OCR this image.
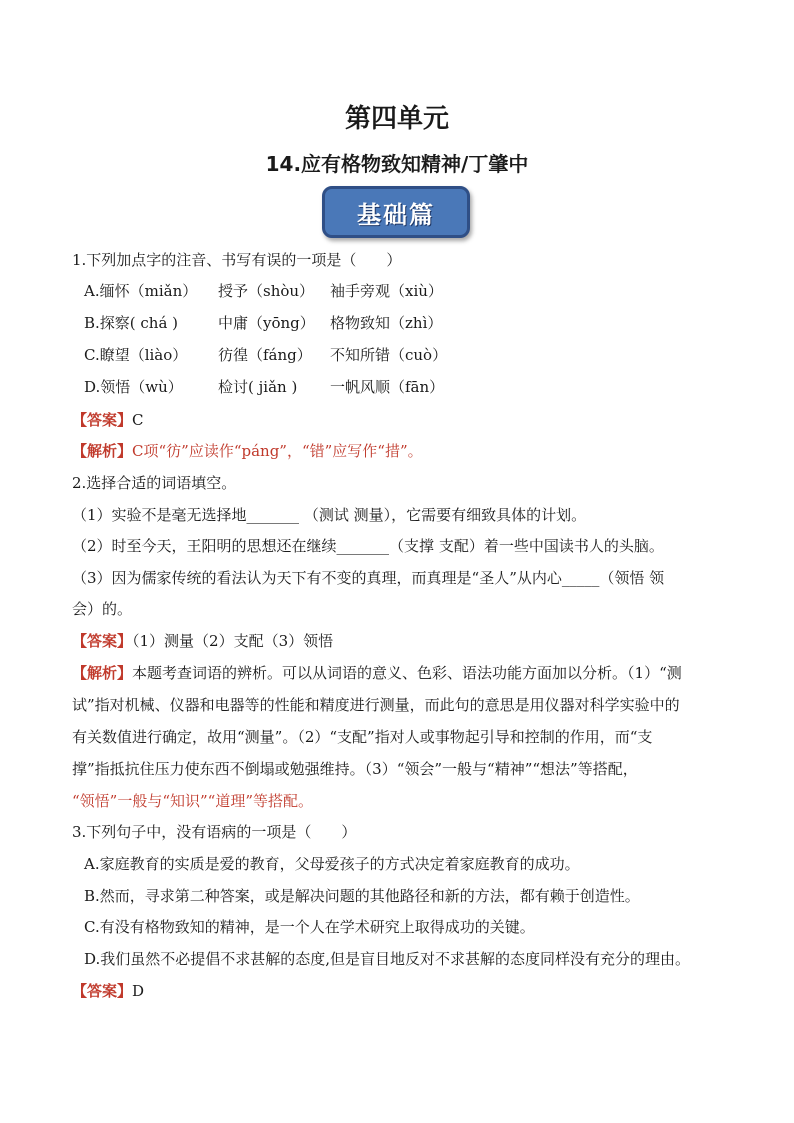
第四单元
14.应有格物致知精神/丁肇中
基础篇
1.下列加点字的注音、书写有误的一项是（　　）
A.缅怀（miǎn） 授予（shòu） 袖手旁观（xiù）
B.探察( chá )	中庸（yōng） 格物致知（zhì）
C.瞭望（liào） 彷徨（fáng） 不知所错（cuò）
D.领悟（wù） 检讨( jiǎn ) 一帆风顺（fān）
【答案】C
【解析】C项“彷”应读作“páng”，“错”应写作“措”。
2.选择合适的词语填空。
（1）实验不是毫无选择地_______ （测试 测量），它需要有细致具体的计划。
（2）时至今天，王阳明的思想还在继续_______（支撑 支配）着一些中国读书人的头脑。
（3）因为儒家传统的看法认为天下有不变的真理，而真理是“圣人”从内心_____（领悟 领
会）的。
【答案】（1）测量（2）支配（3）领悟
【解析】本题考查词语的辨析。可以从词语的意义、色彩、语法功能方面加以分析。（1）“测
试”指对机械、仪器和电器等的性能和精度进行测量，而此句的意思是用仪器对科学实验中的
有关数值进行确定，故用“测量”。（2）“支配”指对人或事物起引导和控制的作用，而“支
撑”指抵抗住压力使东西不倒塌或勉强维持。（3）“领会”一般与“精神”“想法”等搭配，
“领悟”一般与“知识”“道理”等搭配。
3.下列句子中，没有语病的一项是（　　）
A.家庭教育的实质是爱的教育，父母爱孩子的方式决定着家庭教育的成功。
B.然而，寻求第二种答案，或是解决问题的其他路径和新的方法，都有赖于创造性。
C.有没有格物致知的精神，是一个人在学术研究上取得成功的关键。
D.我们虽然不必提倡不求甚解的态度,但是盲目地反对不求甚解的态度同样没有充分的理由。
【答案】D
